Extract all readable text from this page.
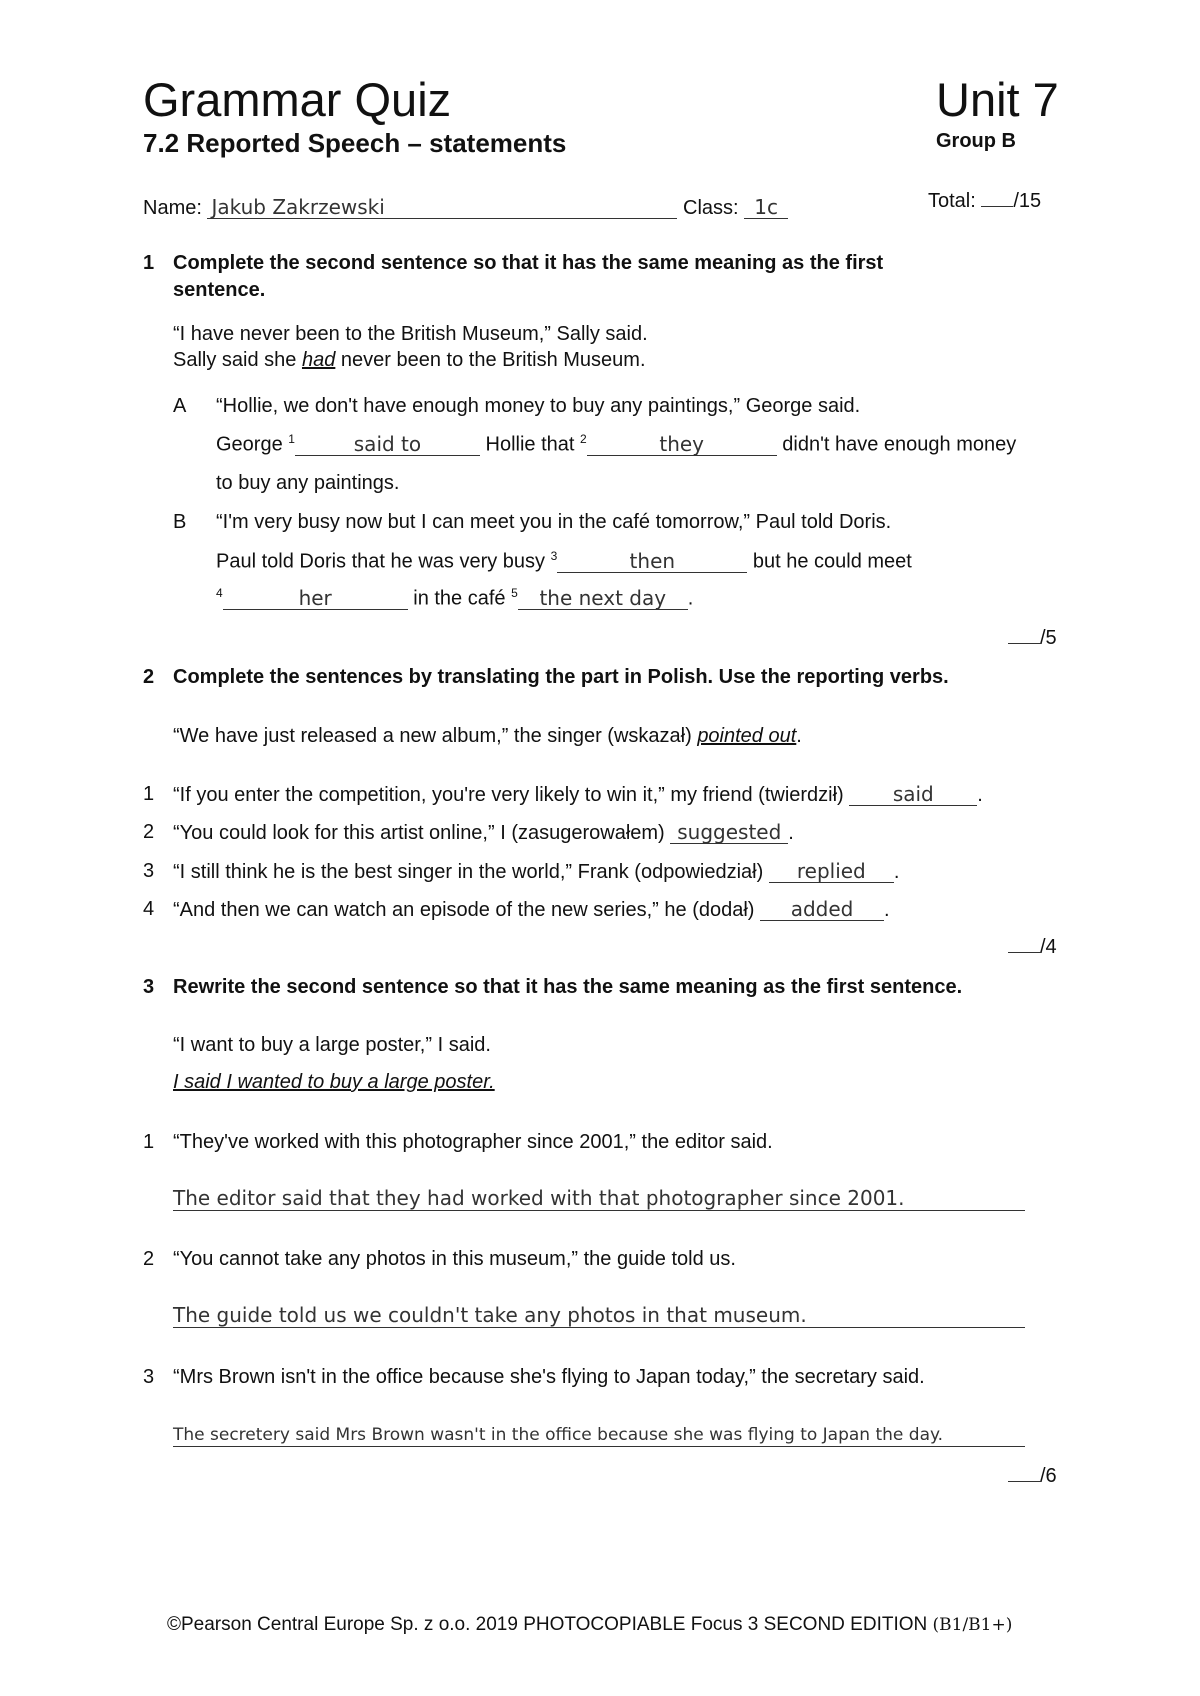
Grammar Quiz	Unit 7
7.2 Reported Speech – statements	Group B
Name: Jakub Zakrzewski	Class: 1c	Total: /15
1 Complete the second sentence so that it has the same meaning as the first
sentence.
“I have never been to the British Museum,” Sally said.
Sally said she had never been to the British Museum.
A “Hollie, we don't have enough money to buy any paintings,” George said.
George $^1$	said to	Hollie that $^2$	they	didn't have enough money
to buy any paintings.
B “I'm very busy now but I can meet you in the café tomorrow,” Paul told Doris.
Paul told Doris that he was very busy $^3$	then	but he could meet
$^4$	her	in the café $^5$ the next day .
/5
2 Complete the sentences by translating the part in Polish. Use the reporting verbs.
“We have just released a new album,” the singer (wskazał) pointed out.
1 “If you enter the competition, you're very likely to win it,” my friend (twierdził) said .
2 “You could look for this artist online,” I (zasugerowałem) suggested .
3 “I still think he is the best singer in the world,” Frank (odpowiedział) replied .
4 “And then we can watch an episode of the new series,” he (dodał) added .
/4
3 Rewrite the second sentence so that it has the same meaning as the first sentence.
“I want to buy a large poster,” I said.
I said I wanted to buy a large poster.
1 “They've worked with this photographer since 2001,” the editor said.
The editor said that they had worked with that photographer since 2001.
2 “You cannot take any photos in this museum,” the guide told us.
The guide told us we couldn't take any photos in that museum.
3 “Mrs Brown isn't in the office because she's flying to Japan today,” the secretary said.
The secretery said Mrs Brown wasn't in the office because she was flying to Japan the day.
/6
©Pearson Central Europe Sp. z o.o. 2019 PHOTOCOPIABLE Focus 3 SECOND EDITION (B1/B1+)
